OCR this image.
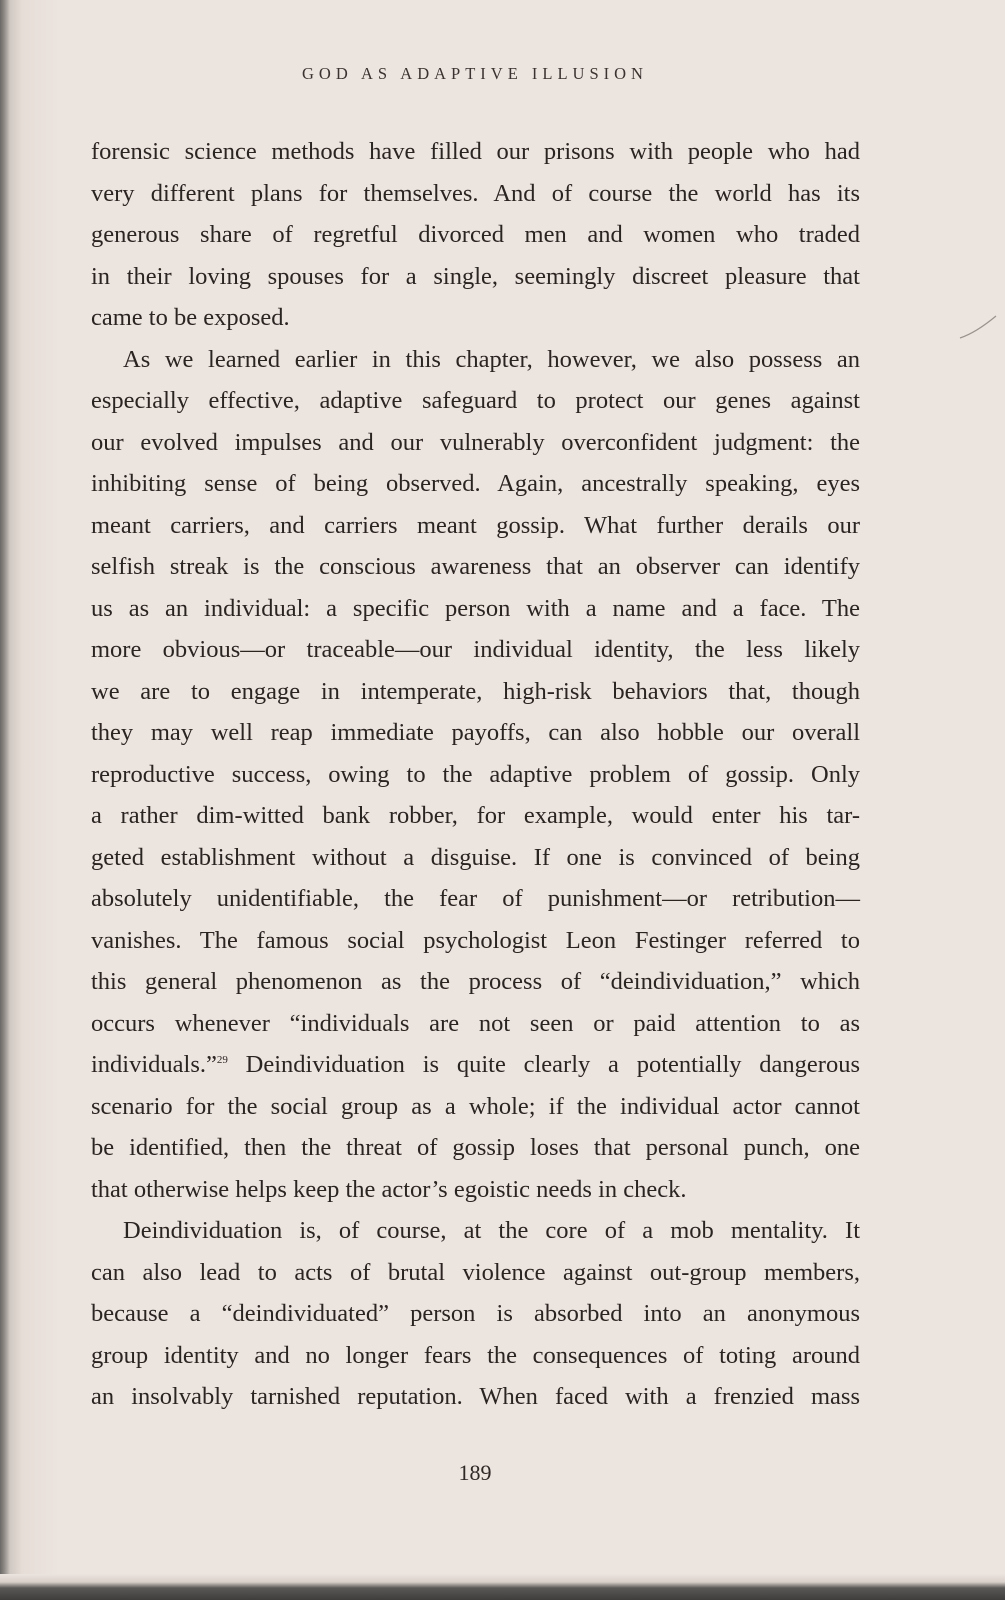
GOD AS ADAPTIVE ILLUSION
forensic science methods have filled our prisons with people who had
very different plans for themselves. And of course the world has its
generous share of regretful divorced men and women who traded
in their loving spouses for a single, seemingly discreet pleasure that
came to be exposed.
As we learned earlier in this chapter, however, we also possess an
especially effective, adaptive safeguard to protect our genes against
our evolved impulses and our vulnerably overconfident judgment: the
inhibiting sense of being observed. Again, ancestrally speaking, eyes
meant carriers, and carriers meant gossip. What further derails our
selfish streak is the conscious awareness that an observer can identify
us as an individual: a specific person with a name and a face. The
more obvious—or traceable—our individual identity, the less likely
we are to engage in intemperate, high-risk behaviors that, though
they may well reap immediate payoffs, can also hobble our overall
reproductive success, owing to the adaptive problem of gossip. Only
a rather dim-witted bank robber, for example, would enter his tar-
geted establishment without a disguise. If one is convinced of being
absolutely unidentifiable, the fear of punishment—or retribution—
vanishes. The famous social psychologist Leon Festinger referred to
this general phenomenon as the process of “deindividuation,” which
occurs whenever “individuals are not seen or paid attention to as
individuals.”$^{29}$ Deindividuation is quite clearly a potentially dangerous
scenario for the social group as a whole; if the individual actor cannot
be identified, then the threat of gossip loses that personal punch, one
that otherwise helps keep the actor’s egoistic needs in check.
Deindividuation is, of course, at the core of a mob mentality. It
can also lead to acts of brutal violence against out-group members,
because a “deindividuated” person is absorbed into an anonymous
group identity and no longer fears the consequences of toting around
an insolvably tarnished reputation. When faced with a frenzied mass
189
